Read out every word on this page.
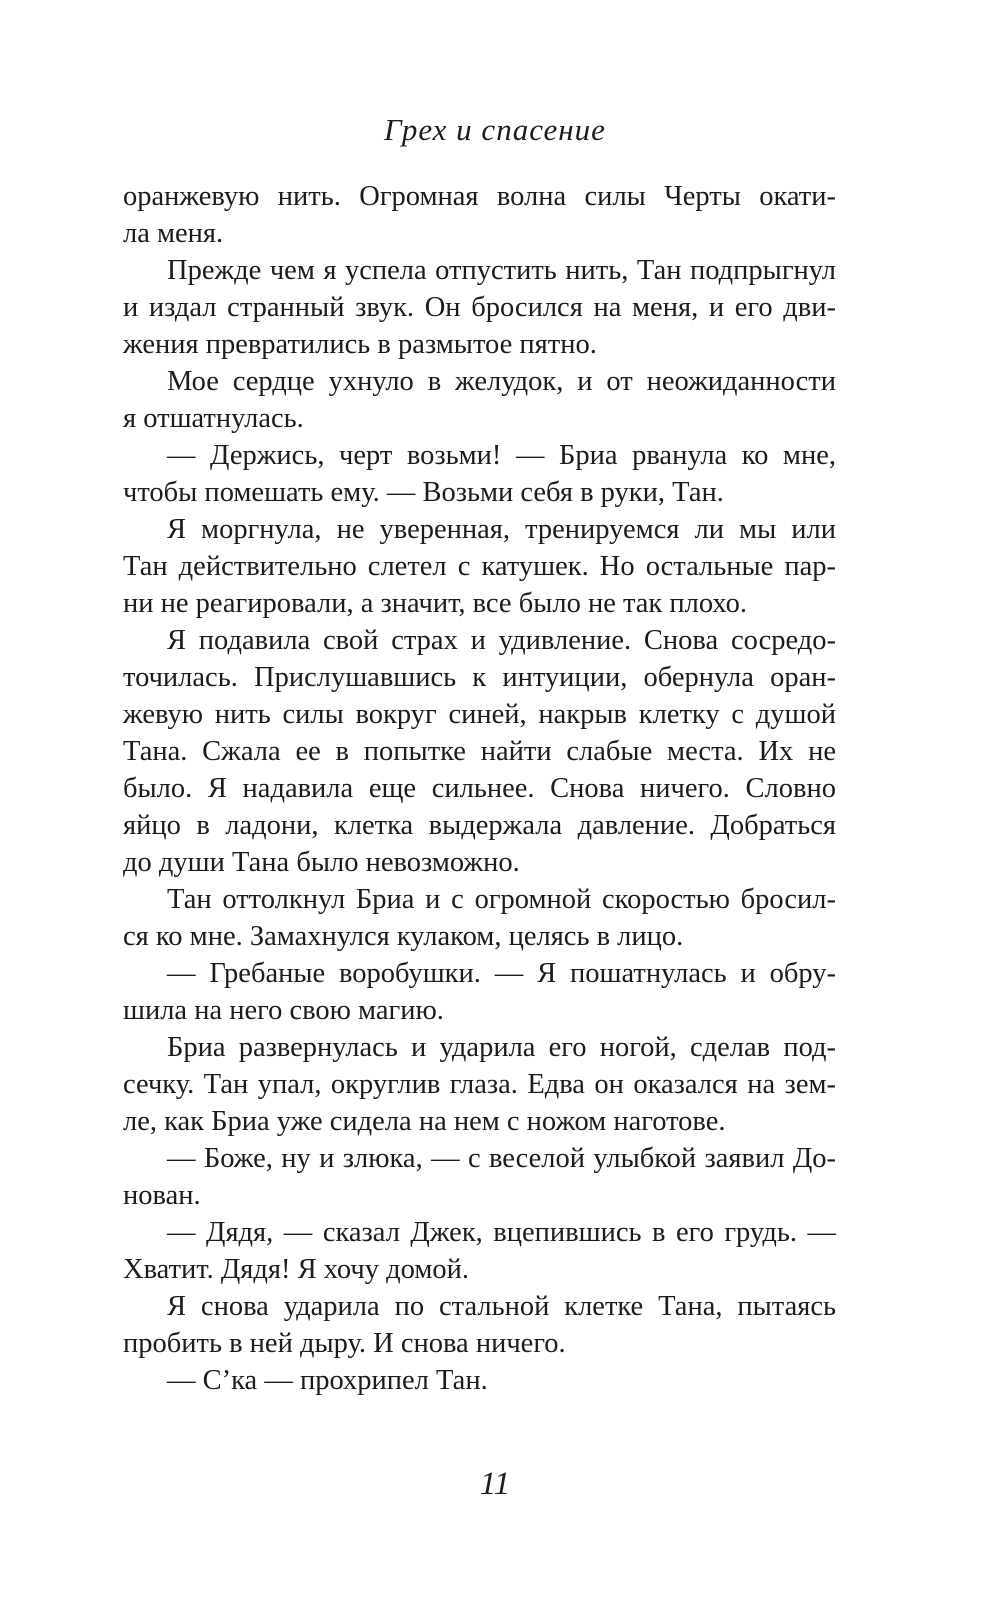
Грех и спасение
оранжевую нить. Огромная волна силы Черты окати-
ла меня.
Прежде чем я успела отпустить нить, Тан подпрыгнул
и издал странный звук. Он бросился на меня, и его дви-
жения превратились в размытое пятно.
Мое сердце ухнуло в желудок, и от неожиданности
я отшатнулась.
— Держись, черт возьми! — Бриа рванула ко мне,
чтобы помешать ему. — Возьми себя в руки, Тан.
Я моргнула, не уверенная, тренируемся ли мы или
Тан действительно слетел с катушек. Но остальные пар-
ни не реагировали, а значит, все было не так плохо.
Я подавила свой страх и удивление. Снова сосредо-
точилась. Прислушавшись к интуиции, обернула оран-
жевую нить силы вокруг синей, накрыв клетку с душой
Тана. Сжала ее в попытке найти слабые места. Их не
было. Я надавила еще сильнее. Снова ничего. Словно
яйцо в ладони, клетка выдержала давление. Добраться
до души Тана было невозможно.
Тан оттолкнул Бриа и с огромной скоростью бросил-
ся ко мне. Замахнулся кулаком, целясь в лицо.
— Гребаные воробушки. — Я пошатнулась и обру-
шила на него свою магию.
Бриа развернулась и ударила его ногой, сделав под-
сечку. Тан упал, округлив глаза. Едва он оказался на зем-
ле, как Бриа уже сидела на нем с ножом наготове.
— Боже, ну и злюка, — с веселой улыбкой заявил До-
нован.
— Дядя, — сказал Джек, вцепившись в его грудь. —
Хватит. Дядя! Я хочу домой.
Я снова ударила по стальной клетке Тана, пытаясь
пробить в ней дыру. И снова ничего.
— С’ка — прохрипел Тан.
11
